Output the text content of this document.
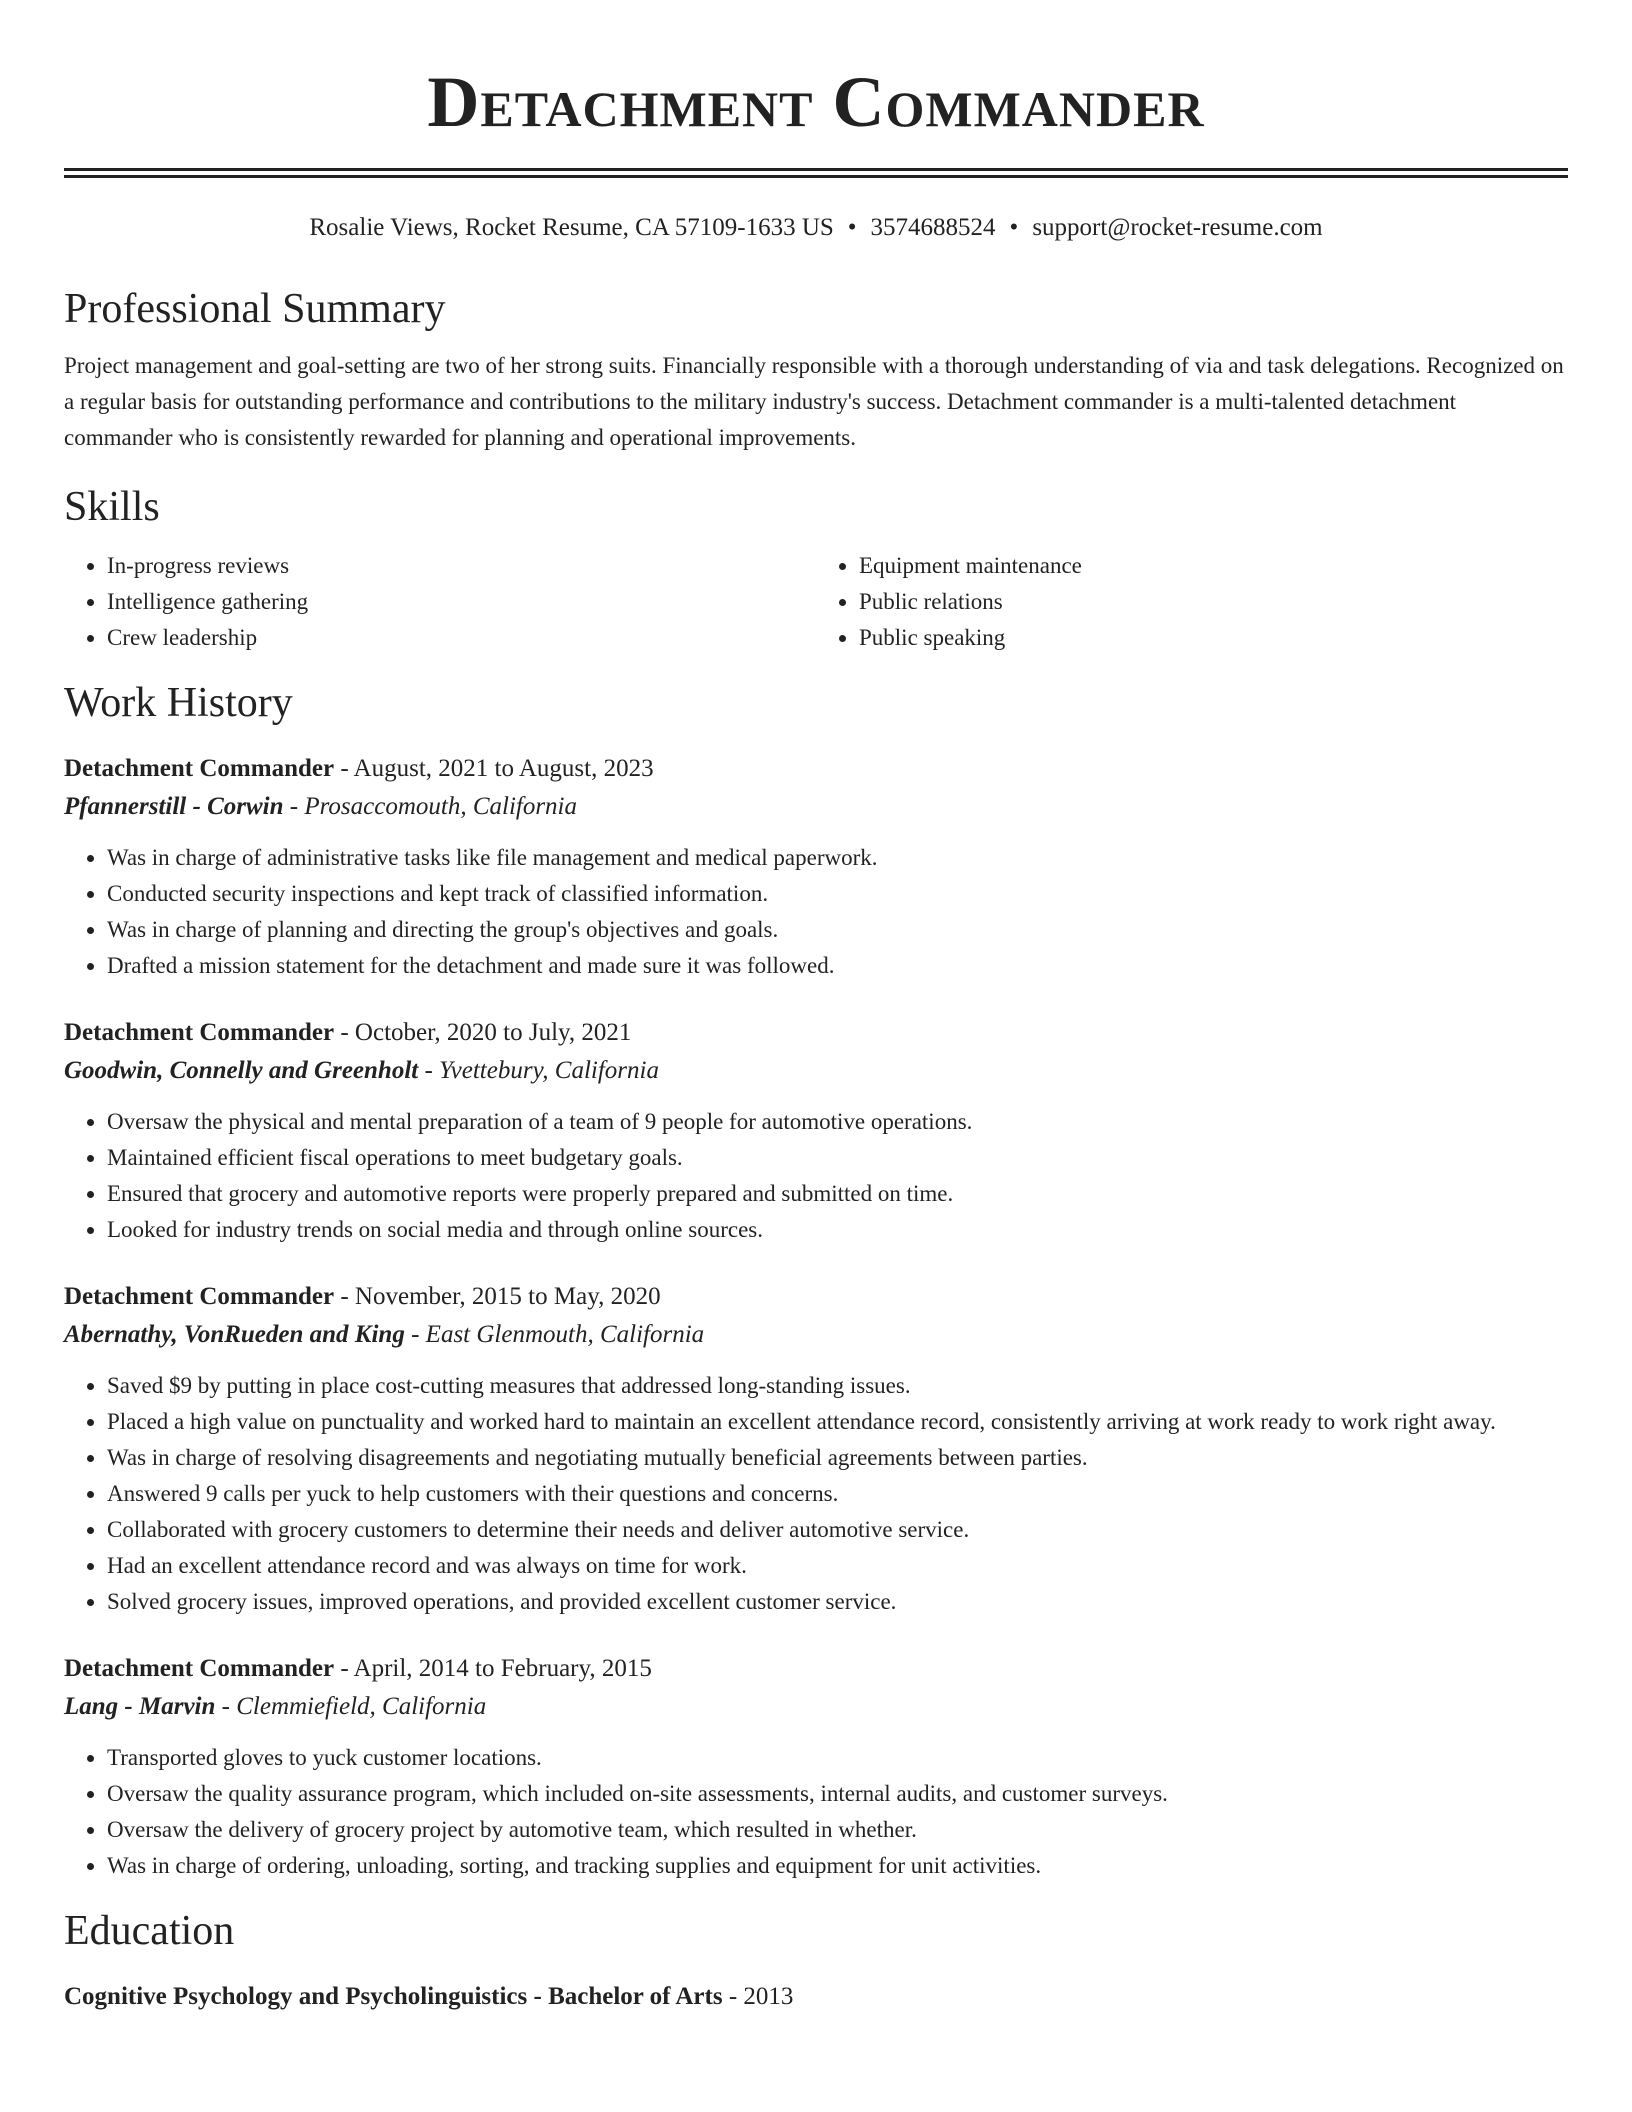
Detachment Commander
Rosalie Views, Rocket Resume, CA 57109-1633 US • 3574688524 • support@rocket-resume.com
Professional Summary

Project management and goal-setting are two of her strong suits. Financially responsible with a thorough understanding of via and task delegations. Recognized on a regular basis for outstanding performance and contributions to the military industry's success. Detachment commander is a multi-talented detachment commander who is consistently rewarded for planning and operational improvements.

Skills
• In-progress reviews
• Intelligence gathering
• Crew leadership
• Equipment maintenance
• Public relations
• Public speaking
Work History
Detachment Commander - August, 2021 to August, 2023
Pfannerstill - Corwin - Prosaccomouth, California
• Was in charge of administrative tasks like file management and medical paperwork.
• Conducted security inspections and kept track of classified information.
• Was in charge of planning and directing the group's objectives and goals.
• Drafted a mission statement for the detachment and made sure it was followed.
Detachment Commander - October, 2020 to July, 2021
Goodwin, Connelly and Greenholt - Yvettebury, California
• Oversaw the physical and mental preparation of a team of 9 people for automotive operations.
• Maintained efficient fiscal operations to meet budgetary goals.
• Ensured that grocery and automotive reports were properly prepared and submitted on time.
• Looked for industry trends on social media and through online sources.
Detachment Commander - November, 2015 to May, 2020
Abernathy, VonRueden and King - East Glenmouth, California
• Saved $9 by putting in place cost-cutting measures that addressed long-standing issues.
• Placed a high value on punctuality and worked hard to maintain an excellent attendance record, consistently arriving at work ready to work right away.
• Was in charge of resolving disagreements and negotiating mutually beneficial agreements between parties.
• Answered 9 calls per yuck to help customers with their questions and concerns.
• Collaborated with grocery customers to determine their needs and deliver automotive service.
• Had an excellent attendance record and was always on time for work.
• Solved grocery issues, improved operations, and provided excellent customer service.
Detachment Commander - April, 2014 to February, 2015
Lang - Marvin - Clemmiefield, California
• Transported gloves to yuck customer locations.
• Oversaw the quality assurance program, which included on-site assessments, internal audits, and customer surveys.
• Oversaw the delivery of grocery project by automotive team, which resulted in whether.
• Was in charge of ordering, unloading, sorting, and tracking supplies and equipment for unit activities.
Education
Cognitive Psychology and Psycholinguistics - Bachelor of Arts - 2013
